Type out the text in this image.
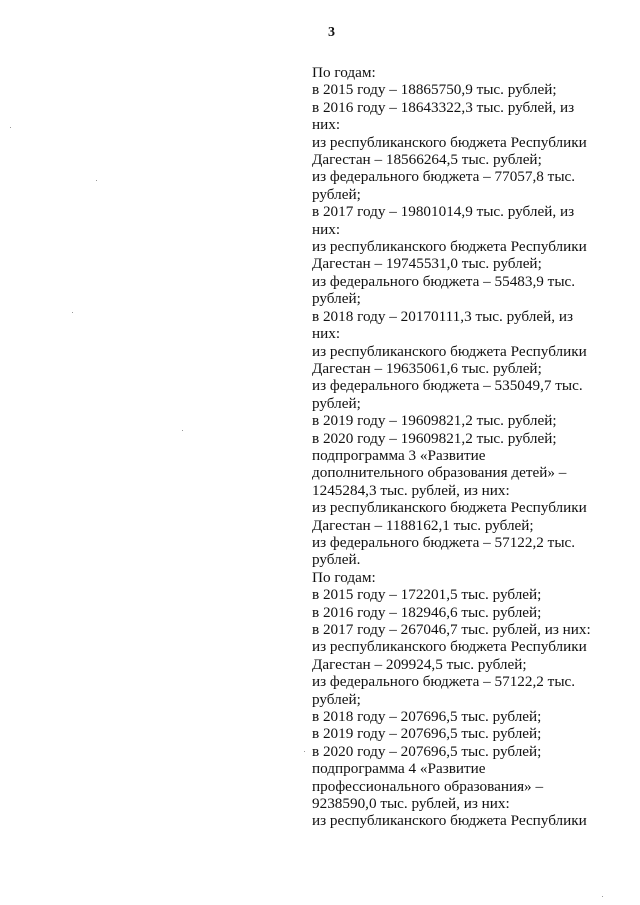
3
По годам:
в 2015 году – 18865750,9 тыс. рублей;
в 2016 году – 18643322,3 тыс. рублей, из
них:
из республиканского бюджета Республики
Дагестан – 18566264,5 тыс. рублей;
из федерального бюджета – 77057,8 тыс.
рублей;
в 2017 году – 19801014,9 тыс. рублей, из
них:
из республиканского бюджета Республики
Дагестан – 19745531,0 тыс. рублей;
из федерального бюджета – 55483,9 тыс.
рублей;
в 2018 году – 20170111,3 тыс. рублей, из
них:
из республиканского бюджета Республики
Дагестан – 19635061,6 тыс. рублей;
из федерального бюджета – 535049,7 тыс.
рублей;
в 2019 году – 19609821,2 тыс. рублей;
в 2020 году – 19609821,2 тыс. рублей;
подпрограмма 3 «Развитие
дополнительного образования детей» –
1245284,3 тыс. рублей, из них:
из республиканского бюджета Республики
Дагестан – 1188162,1 тыс. рублей;
из федерального бюджета – 57122,2 тыс.
рублей.
По годам:
в 2015 году – 172201,5 тыс. рублей;
в 2016 году – 182946,6 тыс. рублей;
в 2017 году – 267046,7 тыс. рублей, из них:
из республиканского бюджета Республики
Дагестан – 209924,5 тыс. рублей;
из федерального бюджета – 57122,2 тыс.
рублей;
в 2018 году – 207696,5 тыс. рублей;
в 2019 году – 207696,5 тыс. рублей;
в 2020 году – 207696,5 тыс. рублей;
подпрограмма 4 «Развитие
профессионального образования» –
9238590,0 тыс. рублей, из них:
из республиканского бюджета Республики
